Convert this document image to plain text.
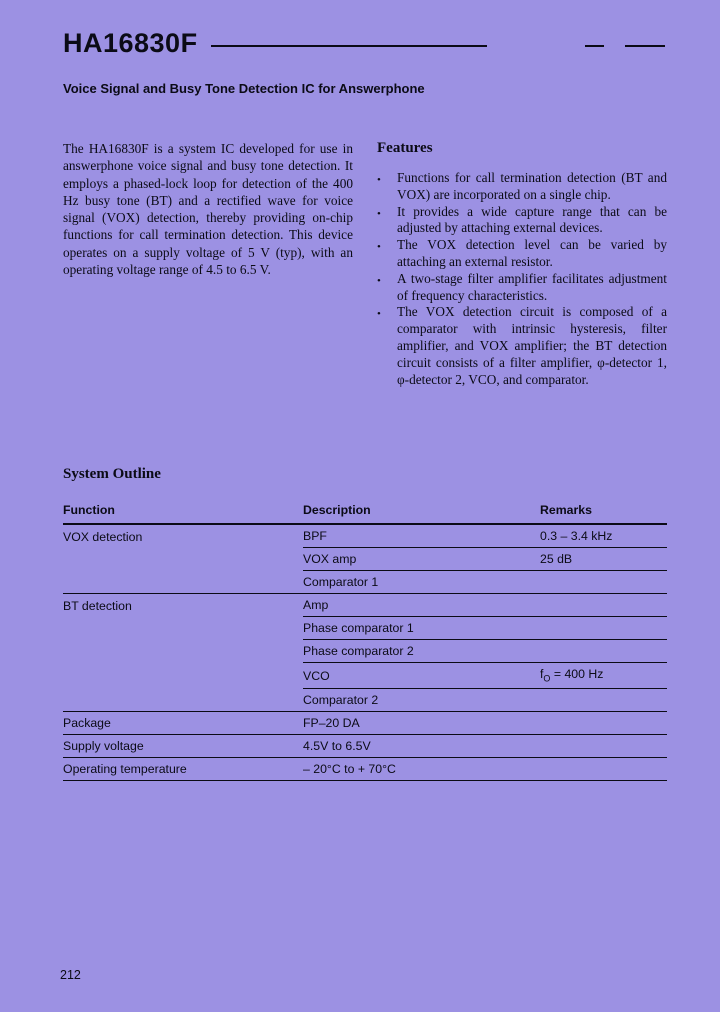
HA16830F
Voice Signal and Busy Tone Detection IC for Answerphone

The HA16830F is a system IC developed for use in answerphone voice signal and busy tone detection. It employs a phased-lock loop for detection of the 400 Hz busy tone (BT) and a rectified wave for voice signal (VOX) detection, thereby providing on-chip functions for call termination detection. This device operates on a supply voltage of 5 V (typ), with an operating voltage range of 4.5 to 6.5 V.

Features
•	Functions for call termination detection (BT and VOX) are incorporated on a single chip.
•	It provides a wide capture range that can be adjusted by attaching external devices.
•	The VOX detection level can be varied by attaching an external resistor.
•	A two-stage filter amplifier facilitates adjustment of frequency characteristics.
•	The VOX detection circuit is composed of a comparator with intrinsic hysteresis, filter amplifier, and VOX amplifier; the BT detection circuit consists of a filter amplifier, φ-detector 1, φ-detector 2, VCO, and comparator.
System Outline
Function	Description	Remarks
VOX detection	BPF	0.3 – 3.4 kHz
	VOX amp	25 dB
	Comparator 1	
BT detection	Amp	
	Phase comparator 1	
	Phase comparator 2	
	VCO	$f_O = 400$ Hz
	Comparator 2	
Package	FP–20 DA	
Supply voltage	4.5V to 6.5V	
Operating temperature	– 20°C to + 70°C	
212
